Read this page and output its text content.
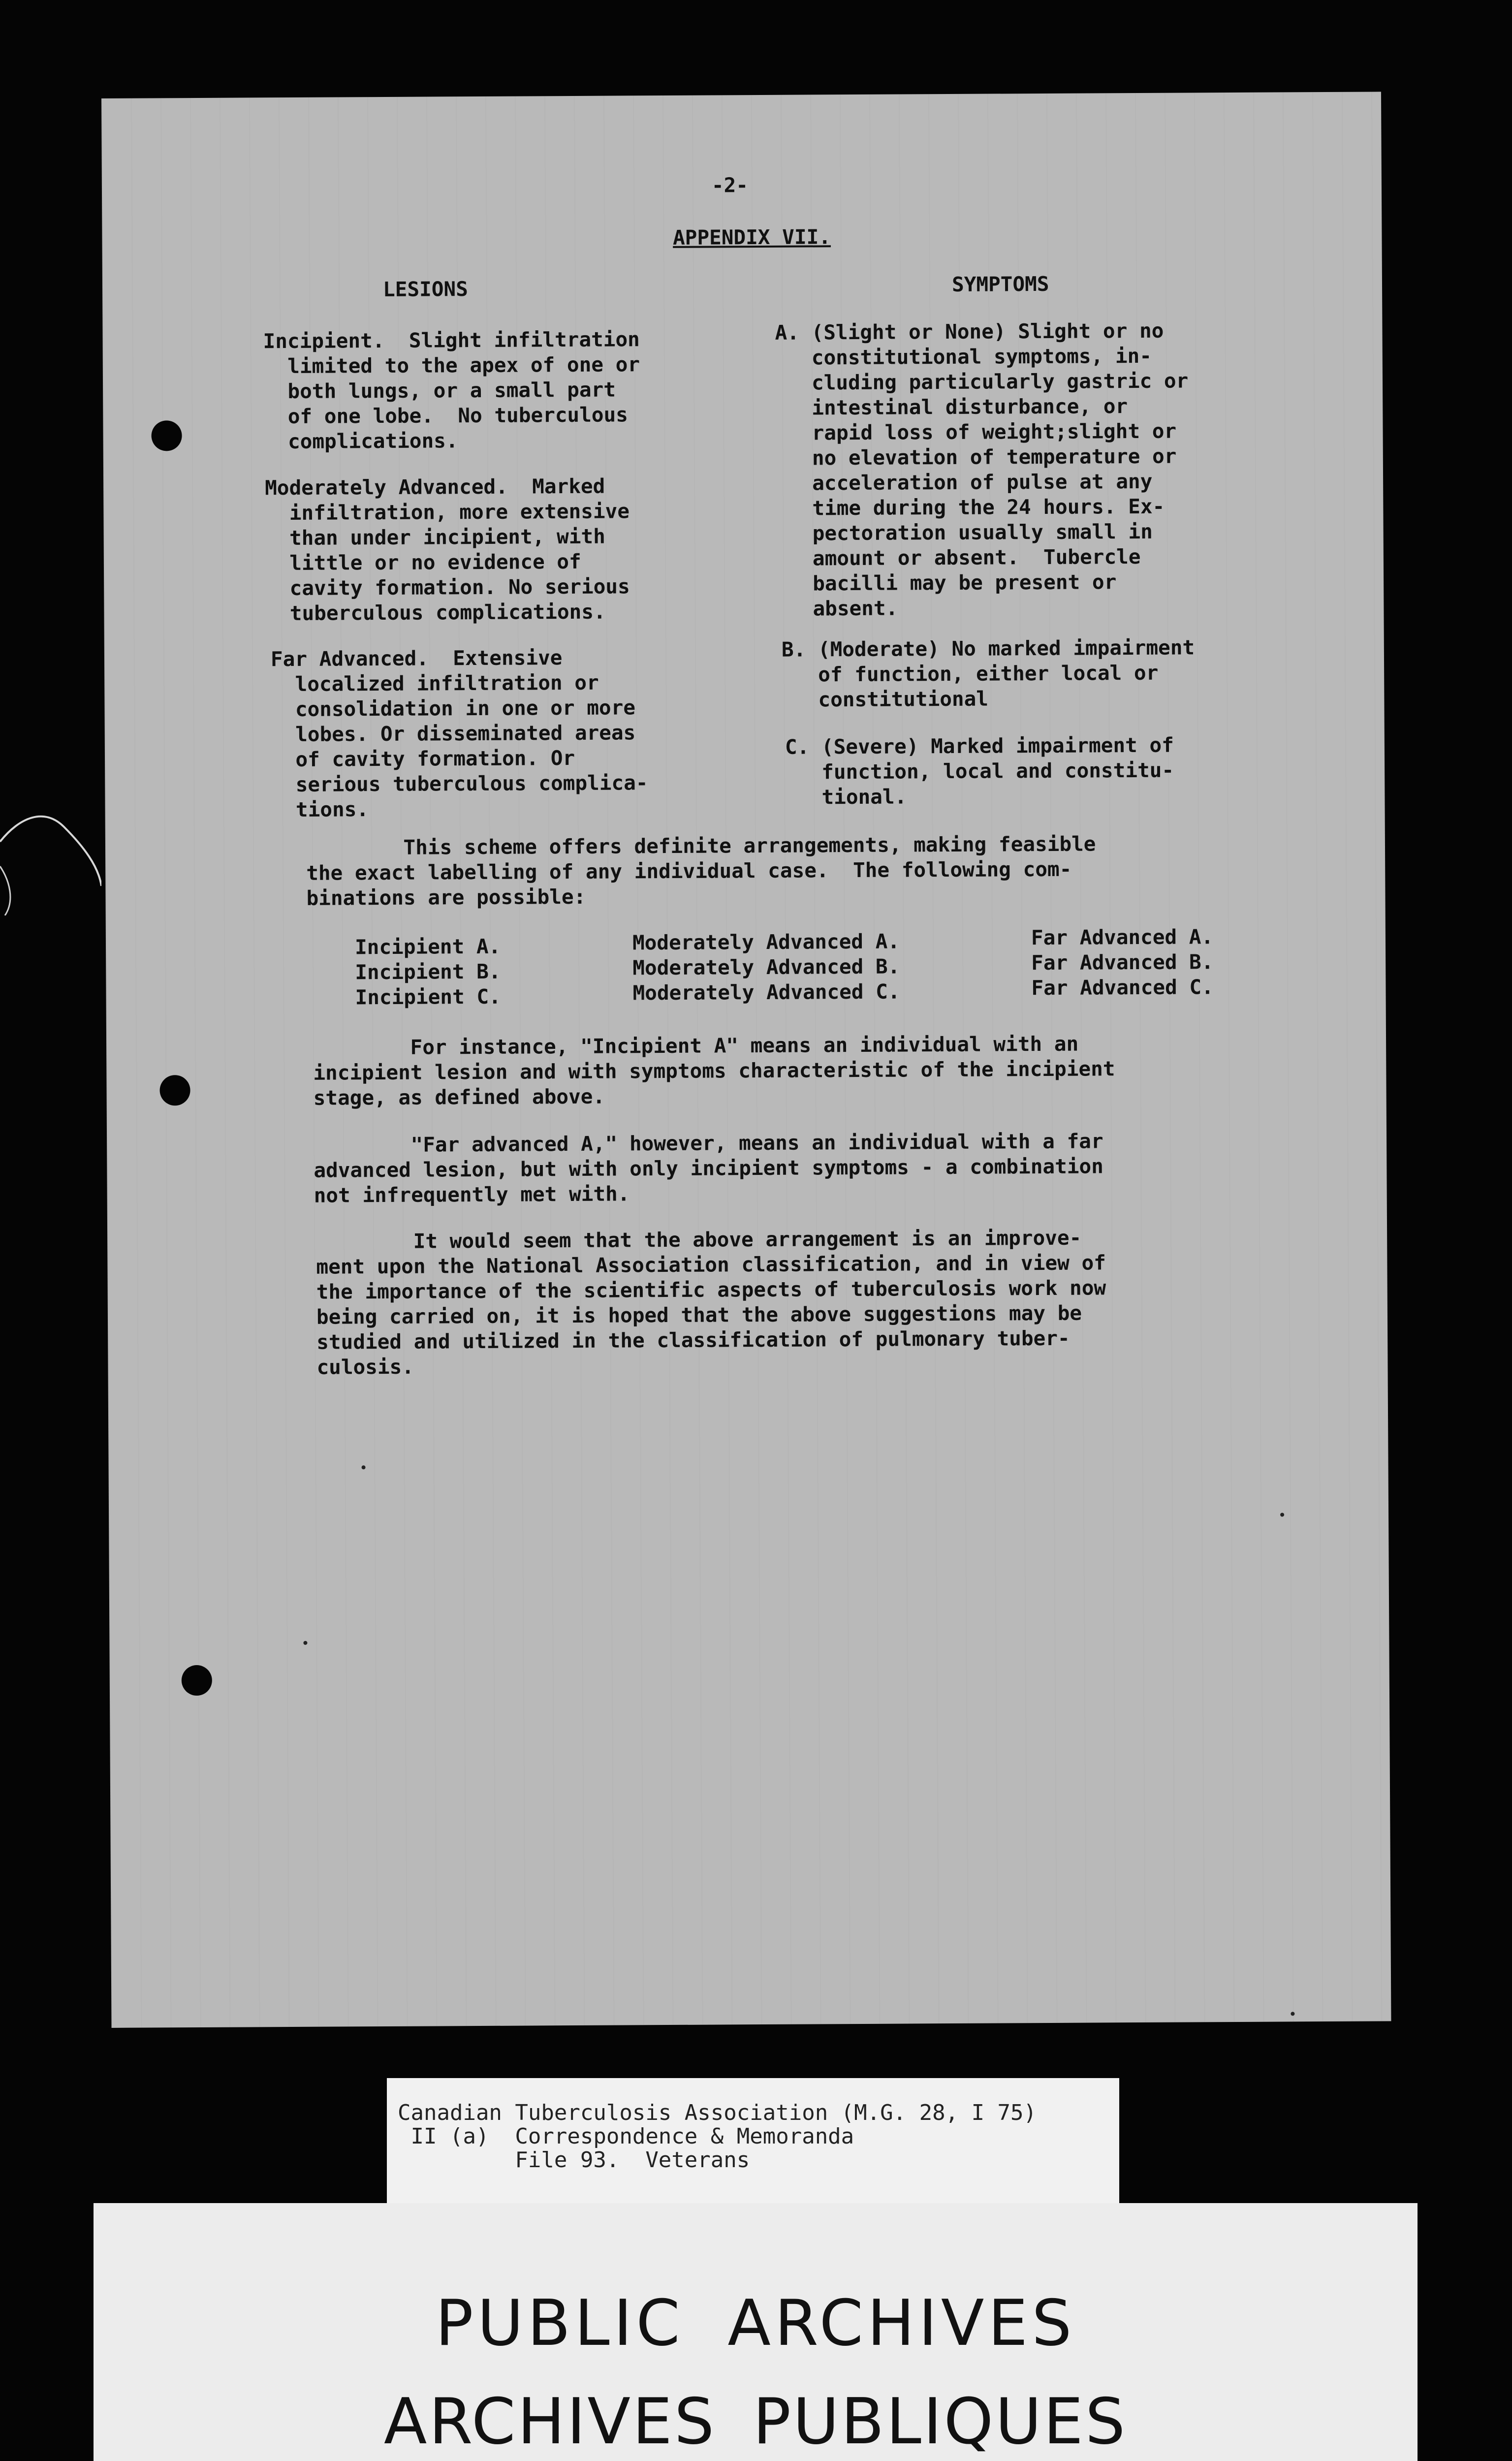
-2-
APPENDIX VII.
LESIONS	SYMPTOMS
Incipient.  Slight infiltration
limited to the apex of one or
both lungs, or a small part
of one lobe.  No tuberculous
complications.
Moderately Advanced.  Marked
infiltration, more extensive
than under incipient, with
little or no evidence of
cavity formation. No serious
tuberculous complications.
Far Advanced.  Extensive
localized infiltration or
consolidation in one or more
lobes. Or disseminated areas
of cavity formation. Or
serious tuberculous complica-
tions.
A. (Slight or None) Slight or no
constitutional symptoms, in-
cluding particularly gastric or
intestinal disturbance, or
rapid loss of weight;slight or
no elevation of temperature or
acceleration of pulse at any
time during the 24 hours. Ex-
pectoration usually small in
amount or absent.  Tubercle
bacilli may be present or
absent.
B. (Moderate) No marked impairment
of function, either local or
constitutional
C. (Severe) Marked impairment of
function, local and constitu-
tional.
This scheme offers definite arrangements, making feasible
the exact labelling of any individual case.  The following com-
binations are possible:
Incipient A.
Incipient B.
Incipient C.
Moderately Advanced A.
Moderately Advanced B.
Moderately Advanced C.
Far Advanced A.
Far Advanced B.
Far Advanced C.
For instance, "Incipient A" means an individual with an
incipient lesion and with symptoms characteristic of the incipient
stage, as defined above.
"Far advanced A," however, means an individual with a far
advanced lesion, but with only incipient symptoms - a combination
not infrequently met with.
It would seem that the above arrangement is an improve-
ment upon the National Association classification, and in view of
the importance of the scientific aspects of tuberculosis work now
being carried on, it is hoped that the above suggestions may be
studied and utilized in the classification of pulmonary tuber-
culosis.
Canadian Tuberculosis Association (M.G. 28, I 75)
II (a)  Correspondence & Memoranda
File 93.  Veterans
PUBLIC ARCHIVES
ARCHIVES PUBLIQUES
